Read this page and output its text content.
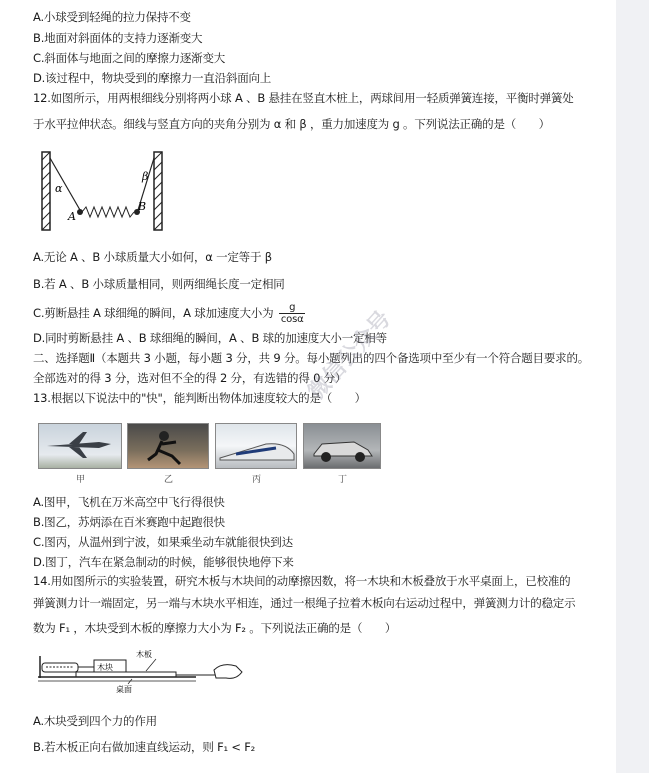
A.小球受到轻绳的拉力保持不变
B.地面对斜面体的支持力逐渐变大
C.斜面体与地面之间的摩擦力逐渐变大
D.该过程中，物块受到的摩擦力一直沿斜面向上
12.如图所示，用两根细线分别将两小球 A 、B 悬挂在竖直木桩上，两球间用一轻质弹簧连接，平衡时弹簧处
于水平拉伸状态。细线与竖直方向的夹角分别为 α 和 β ，重力加速度为 g 。下列说法正确的是（　　）
α
β
A
B
A.无论 A 、B 小球质量大小如何，α 一定等于 β
B.若 A 、B 小球质量相同，则两细绳长度一定相同
C.剪断悬挂 A 球细绳的瞬间，A 球加速度大小为 $\frac{g}{\cos\alpha}$
D.同时剪断悬挂 A 、B 球细绳的瞬间，A 、B 球的加速度大小一定相等
二、选择题Ⅱ（本题共 3 小题，每小题 3 分，共 9 分。每小题列出的四个备选项中至少有一个符合题目要求的。
全部选对的得 3 分，选对但不全的得 2 分，有选错的得 0 分）
13.根据以下说法中的"快"，能判断出物体加速度较大的是（　　）
甲	乙	丙	丁
A.图甲，飞机在万米高空中飞行得很快
B.图乙，苏炳添在百米赛跑中起跑很快
C.图丙，从温州到宁波，如果乘坐动车就能很快到达
D.图丁，汽车在紧急制动的时候，能够很快地停下来
14.用如图所示的实验装置，研究木板与木块间的动摩擦因数，将一木块和木板叠放于水平桌面上，已校准的
弹簧测力计一端固定，另一端与木块水平相连，通过一根绳子拉着木板向右运动过程中，弹簧测力计的稳定示
数为 F₁ ，木块受到木板的摩擦力大小为 F₂ 。下列说法正确的是（　　）
木块
木板
桌面
A.木块受到四个力的作用
B.若木板正向右做加速直线运动，则 F₁ < F₂
微信公众号
